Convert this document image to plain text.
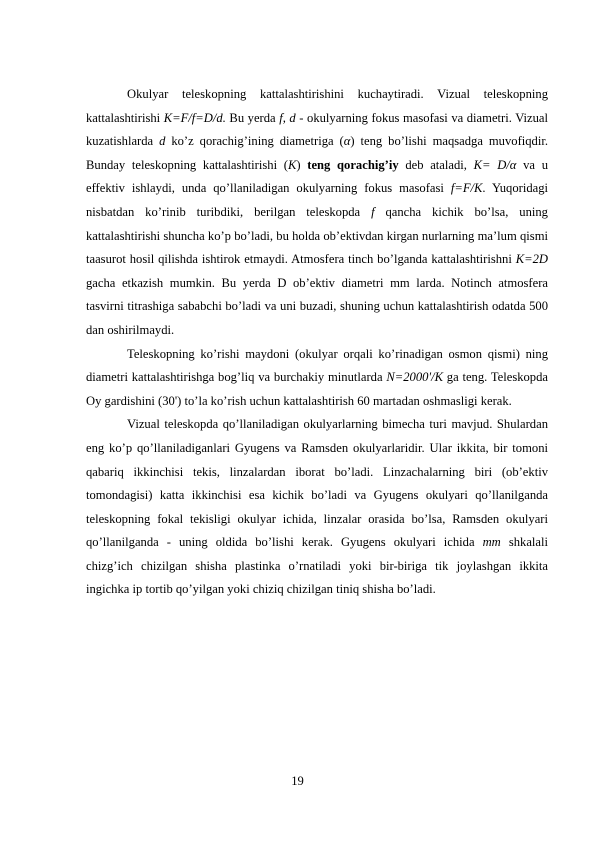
Okulyar teleskopning kattalashtirishini kuchaytiradi. Vizual teleskopning kattalashtirishi K=F/f=D/d. Bu yerda f, d - okulyarning fokus masofasi va diametri. Vizual kuzatishlarda d ko’z qorachig’ining diametriga (α) teng bo’lishi maqsadga muvofiqdir. Bunday teleskopning kattalashtirishi (K) teng qorachig’iy deb ataladi, K= D/α va u effektiv ishlaydi, unda qo’llaniladigan okulyarning fokus masofasi f=F/K. Yuqoridagi nisbatdan ko’rinib turibdiki, berilgan teleskopda f qancha kichik bo’lsa, uning kattalashtirishi shuncha ko’p bo’ladi, bu holda ob’ektivdan kirgan nurlarning ma’lum qismi taasurot hosil qilishda ishtirok etmaydi. Atmosfera tinch bo’lganda kattalashtirishni K=2D gacha etkazish mumkin. Bu yerda D ob’ektiv diametri mm larda. Notinch atmosfera tasvirni titrashiga sababchi bo’ladi va uni buzadi, shuning uchun kattalashtirish odatda 500 dan oshirilmaydi.

Teleskopning ko’rishi maydoni (okulyar orqali ko’rinadigan osmon qismi) ning diametri kattalashtirishga bog’liq va burchakiy minutlarda N=2000'/K ga teng. Teleskopda Oy gardishini (30') to’la ko’rish uchun kattalashtirish 60 martadan oshmasligi kerak.

Vizual teleskopda qo’llaniladigan okulyarlarning bimecha turi mavjud. Shulardan eng ko’p qo’llaniladiganlari Gyugens va Ramsden okulyarlaridir. Ular ikkita, bir tomoni qabariq ikkinchisi tekis, linzalardan iborat bo’ladi. Linzachalarning biri (ob’ektiv tomondagisi) katta ikkinchisi esa kichik bo’ladi va Gyugens okulyari qo’llanilganda teleskopning fokal tekisligi okulyar ichida, linzalar orasida bo’lsa, Ramsden okulyari qo’llanilganda - uning oldida bo’lishi kerak. Gyugens okulyari ichida mm shkalali chizg’ich chizilgan shisha plastinka o’rnatiladi yoki bir-biriga tik joylashgan ikkita ingichka ip tortib qo’yilgan yoki chiziq chizilgan tiniq shisha bo’ladi.

19
